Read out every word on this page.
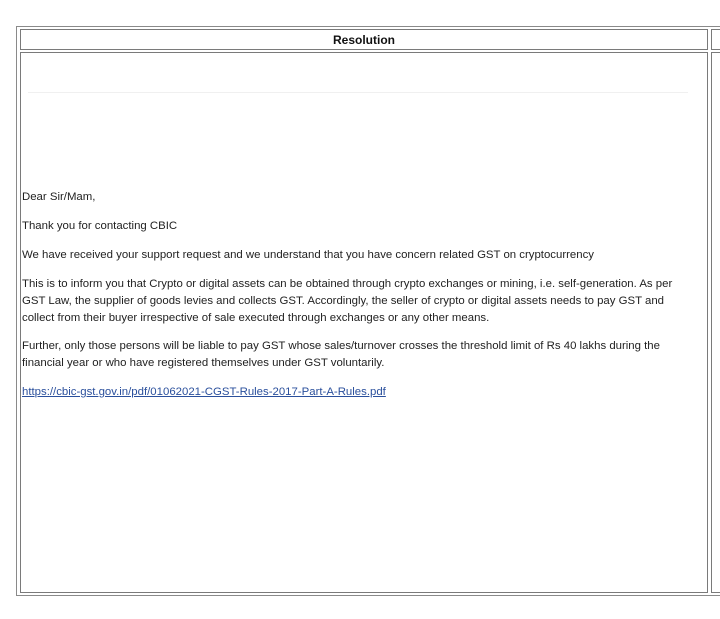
Resolution

Dear Sir/Mam,

Thank you for contacting CBIC

We have received your support request and we understand that you have concern related GST on cryptocurrency

This is to inform you that Crypto or digital assets can be obtained through crypto exchanges or mining, i.e. self-generation. As per GST Law, the supplier of goods levies and collects GST. Accordingly, the seller of crypto or digital assets needs to pay GST and collect from their buyer irrespective of sale executed through exchanges or any other means.

Further, only those persons will be liable to pay GST whose sales/turnover crosses the threshold limit of Rs 40 lakhs during the financial year or who have registered themselves under GST voluntarily.

https://cbic-gst.gov.in/pdf/01062021-CGST-Rules-2017-Part-A-Rules.pdf
